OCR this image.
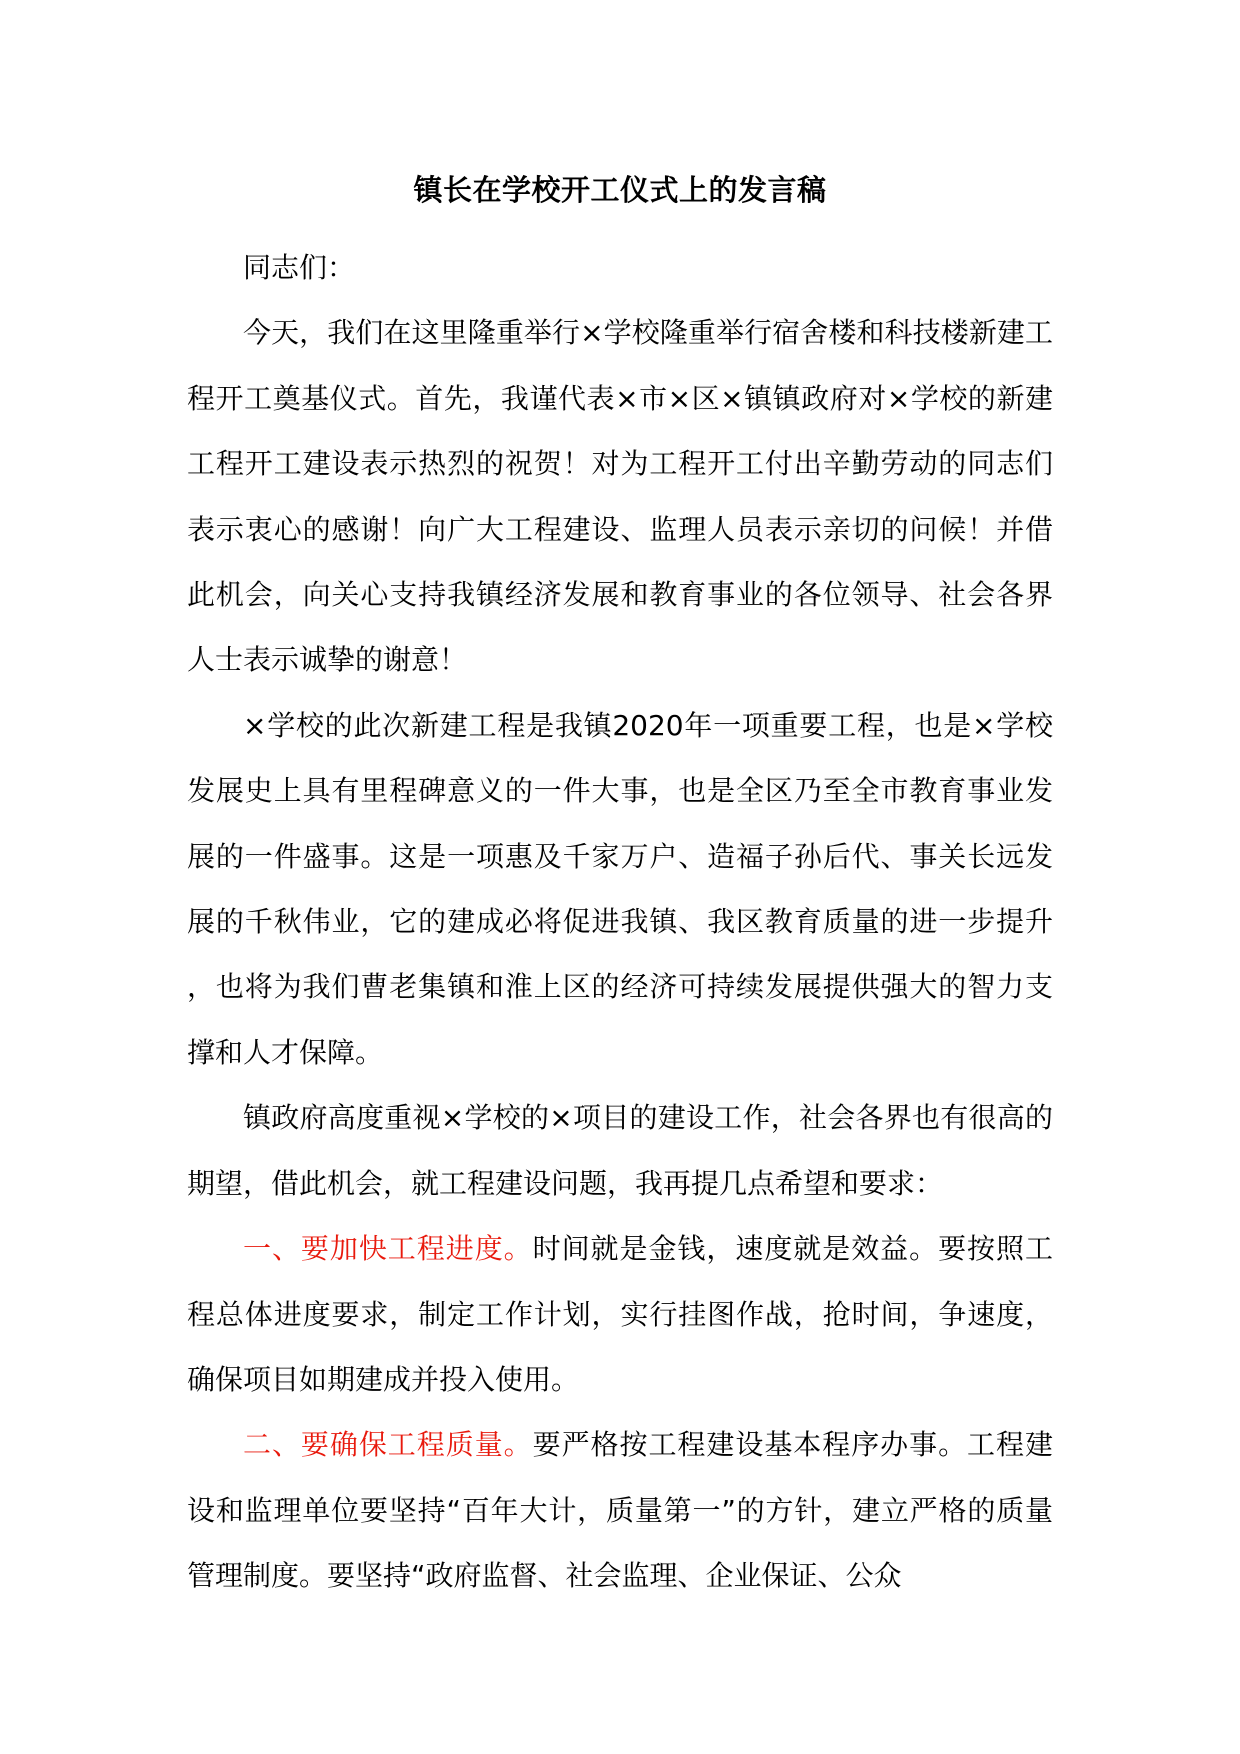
镇长在学校开工仪式上的发言稿

同志们：

今天，我们在这里隆重举行×学校隆重举行宿舍楼和科技楼新建工程开工奠基仪式。首先，我谨代表×市×区×镇镇政府对×学校的新建工程开工建设表示热烈的祝贺！对为工程开工付出辛勤劳动的同志们表示衷心的感谢！向广大工程建设、监理人员表示亲切的问候！并借此机会，向关心支持我镇经济发展和教育事业的各位领导、社会各界人士表示诚挚的谢意！

×学校的此次新建工程是我镇2020年一项重要工程，也是×学校发展史上具有里程碑意义的一件大事，也是全区乃至全市教育事业发展的一件盛事。这是一项惠及千家万户、造福子孙后代、事关长远发展的千秋伟业，它的建成必将促进我镇、我区教育质量的进一步提升，也将为我们曹老集镇和淮上区的经济可持续发展提供强大的智力支撑和人才保障。

镇政府高度重视×学校的×项目的建设工作，社会各界也有很高的期望，借此机会，就工程建设问题，我再提几点希望和要求：

一、要加快工程进度。时间就是金钱，速度就是效益。要按照工程总体进度要求，制定工作计划，实行挂图作战，抢时间，争速度，确保项目如期建成并投入使用。

二、要确保工程质量。要严格按工程建设基本程序办事。工程建设和监理单位要坚持“百年大计，质量第一”的方针，建立严格的质量管理制度。要坚持“政府监督、社会监理、企业保证、公众
